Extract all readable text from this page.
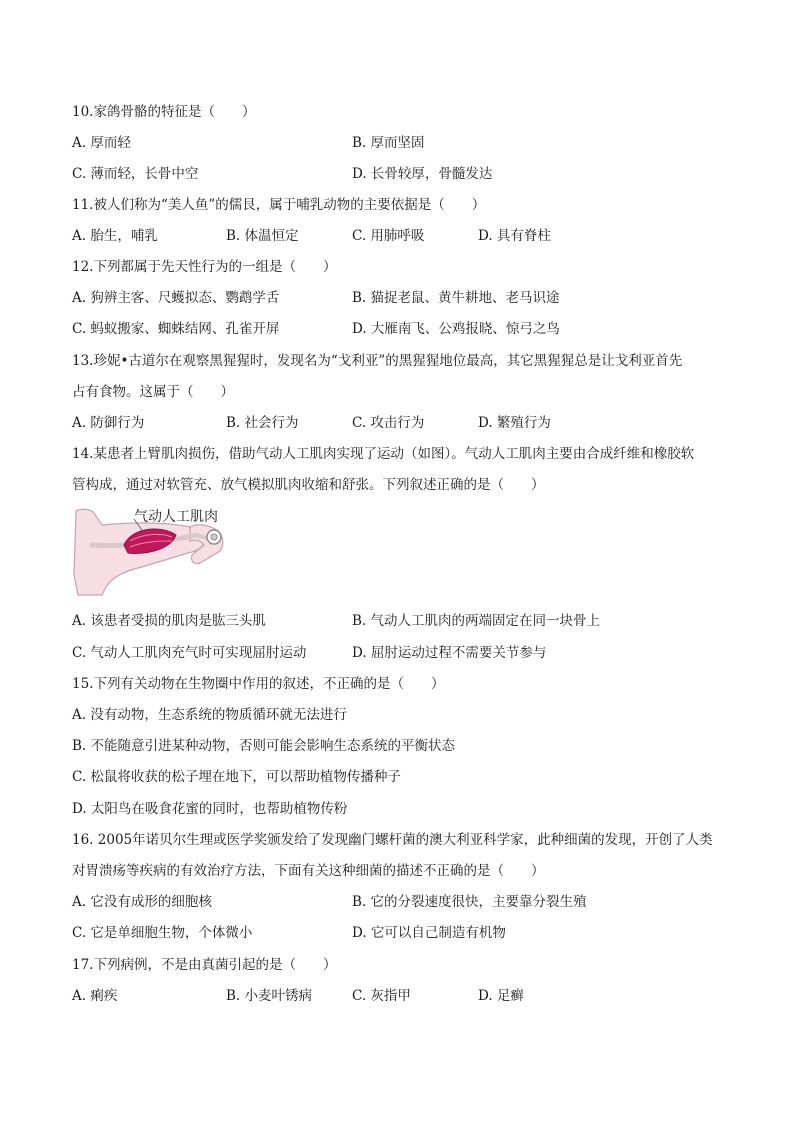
10.家鸽骨骼的特征是（　　）
A. 厚而轻	B. 厚而坚固
C. 薄而轻，长骨中空	D. 长骨较厚，骨髓发达
11.被人们称为“美人鱼”的儒艮，属于哺乳动物的主要依据是（　　）
A. 胎生，哺乳	B. 体温恒定	C. 用肺呼吸	D. 具有脊柱
12.下列都属于先天性行为的一组是（　　）
A. 狗辨主客、尺蠖拟态、鹦鹉学舌	B. 猫捉老鼠、黄牛耕地、老马识途
C. 蚂蚁搬家、蜘蛛结网、孔雀开屏	D. 大雁南飞、公鸡报晓、惊弓之鸟
13.珍妮•古道尔在观察黑猩猩时，发现名为“戈利亚”的黑猩猩地位最高，其它黑猩猩总是让戈利亚首先
占有食物。这属于（　　）
A. 防御行为	B. 社会行为	C. 攻击行为	D. 繁殖行为
14.某患者上臂肌肉损伤，借助气动人工肌肉实现了运动（如图）。气动人工肌肉主要由合成纤维和橡胶软
管构成，通过对软管充、放气模拟肌肉收缩和舒张。下列叙述正确的是（　　）
气动人工肌肉
A. 该患者受损的肌肉是肱三头肌	B. 气动人工肌肉的两端固定在同一块骨上
C. 气动人工肌肉充气时可实现屈肘运动	D. 屈肘运动过程不需要关节参与
15.下列有关动物在生物圈中作用的叙述，不正确的是（　　）
A. 没有动物，生态系统的物质循环就无法进行
B. 不能随意引进某种动物，否则可能会影响生态系统的平衡状态
C. 松鼠将收获的松子埋在地下，可以帮助植物传播种子
D. 太阳鸟在吸食花蜜的同时，也帮助植物传粉
16. 2005年诺贝尔生理或医学奖颁发给了发现幽门螺杆菌的澳大利亚科学家，此种细菌的发现，开创了人类
对胃溃疡等疾病的有效治疗方法，下面有关这种细菌的描述不正确的是（　　）
A. 它没有成形的细胞核	B. 它的分裂速度很快，主要靠分裂生殖
C. 它是单细胞生物，个体微小	D. 它可以自己制造有机物
17.下列病例，不是由真菌引起的是（　　）
A. 痢疾	B. 小麦叶锈病	C. 灰指甲	D. 足癣
